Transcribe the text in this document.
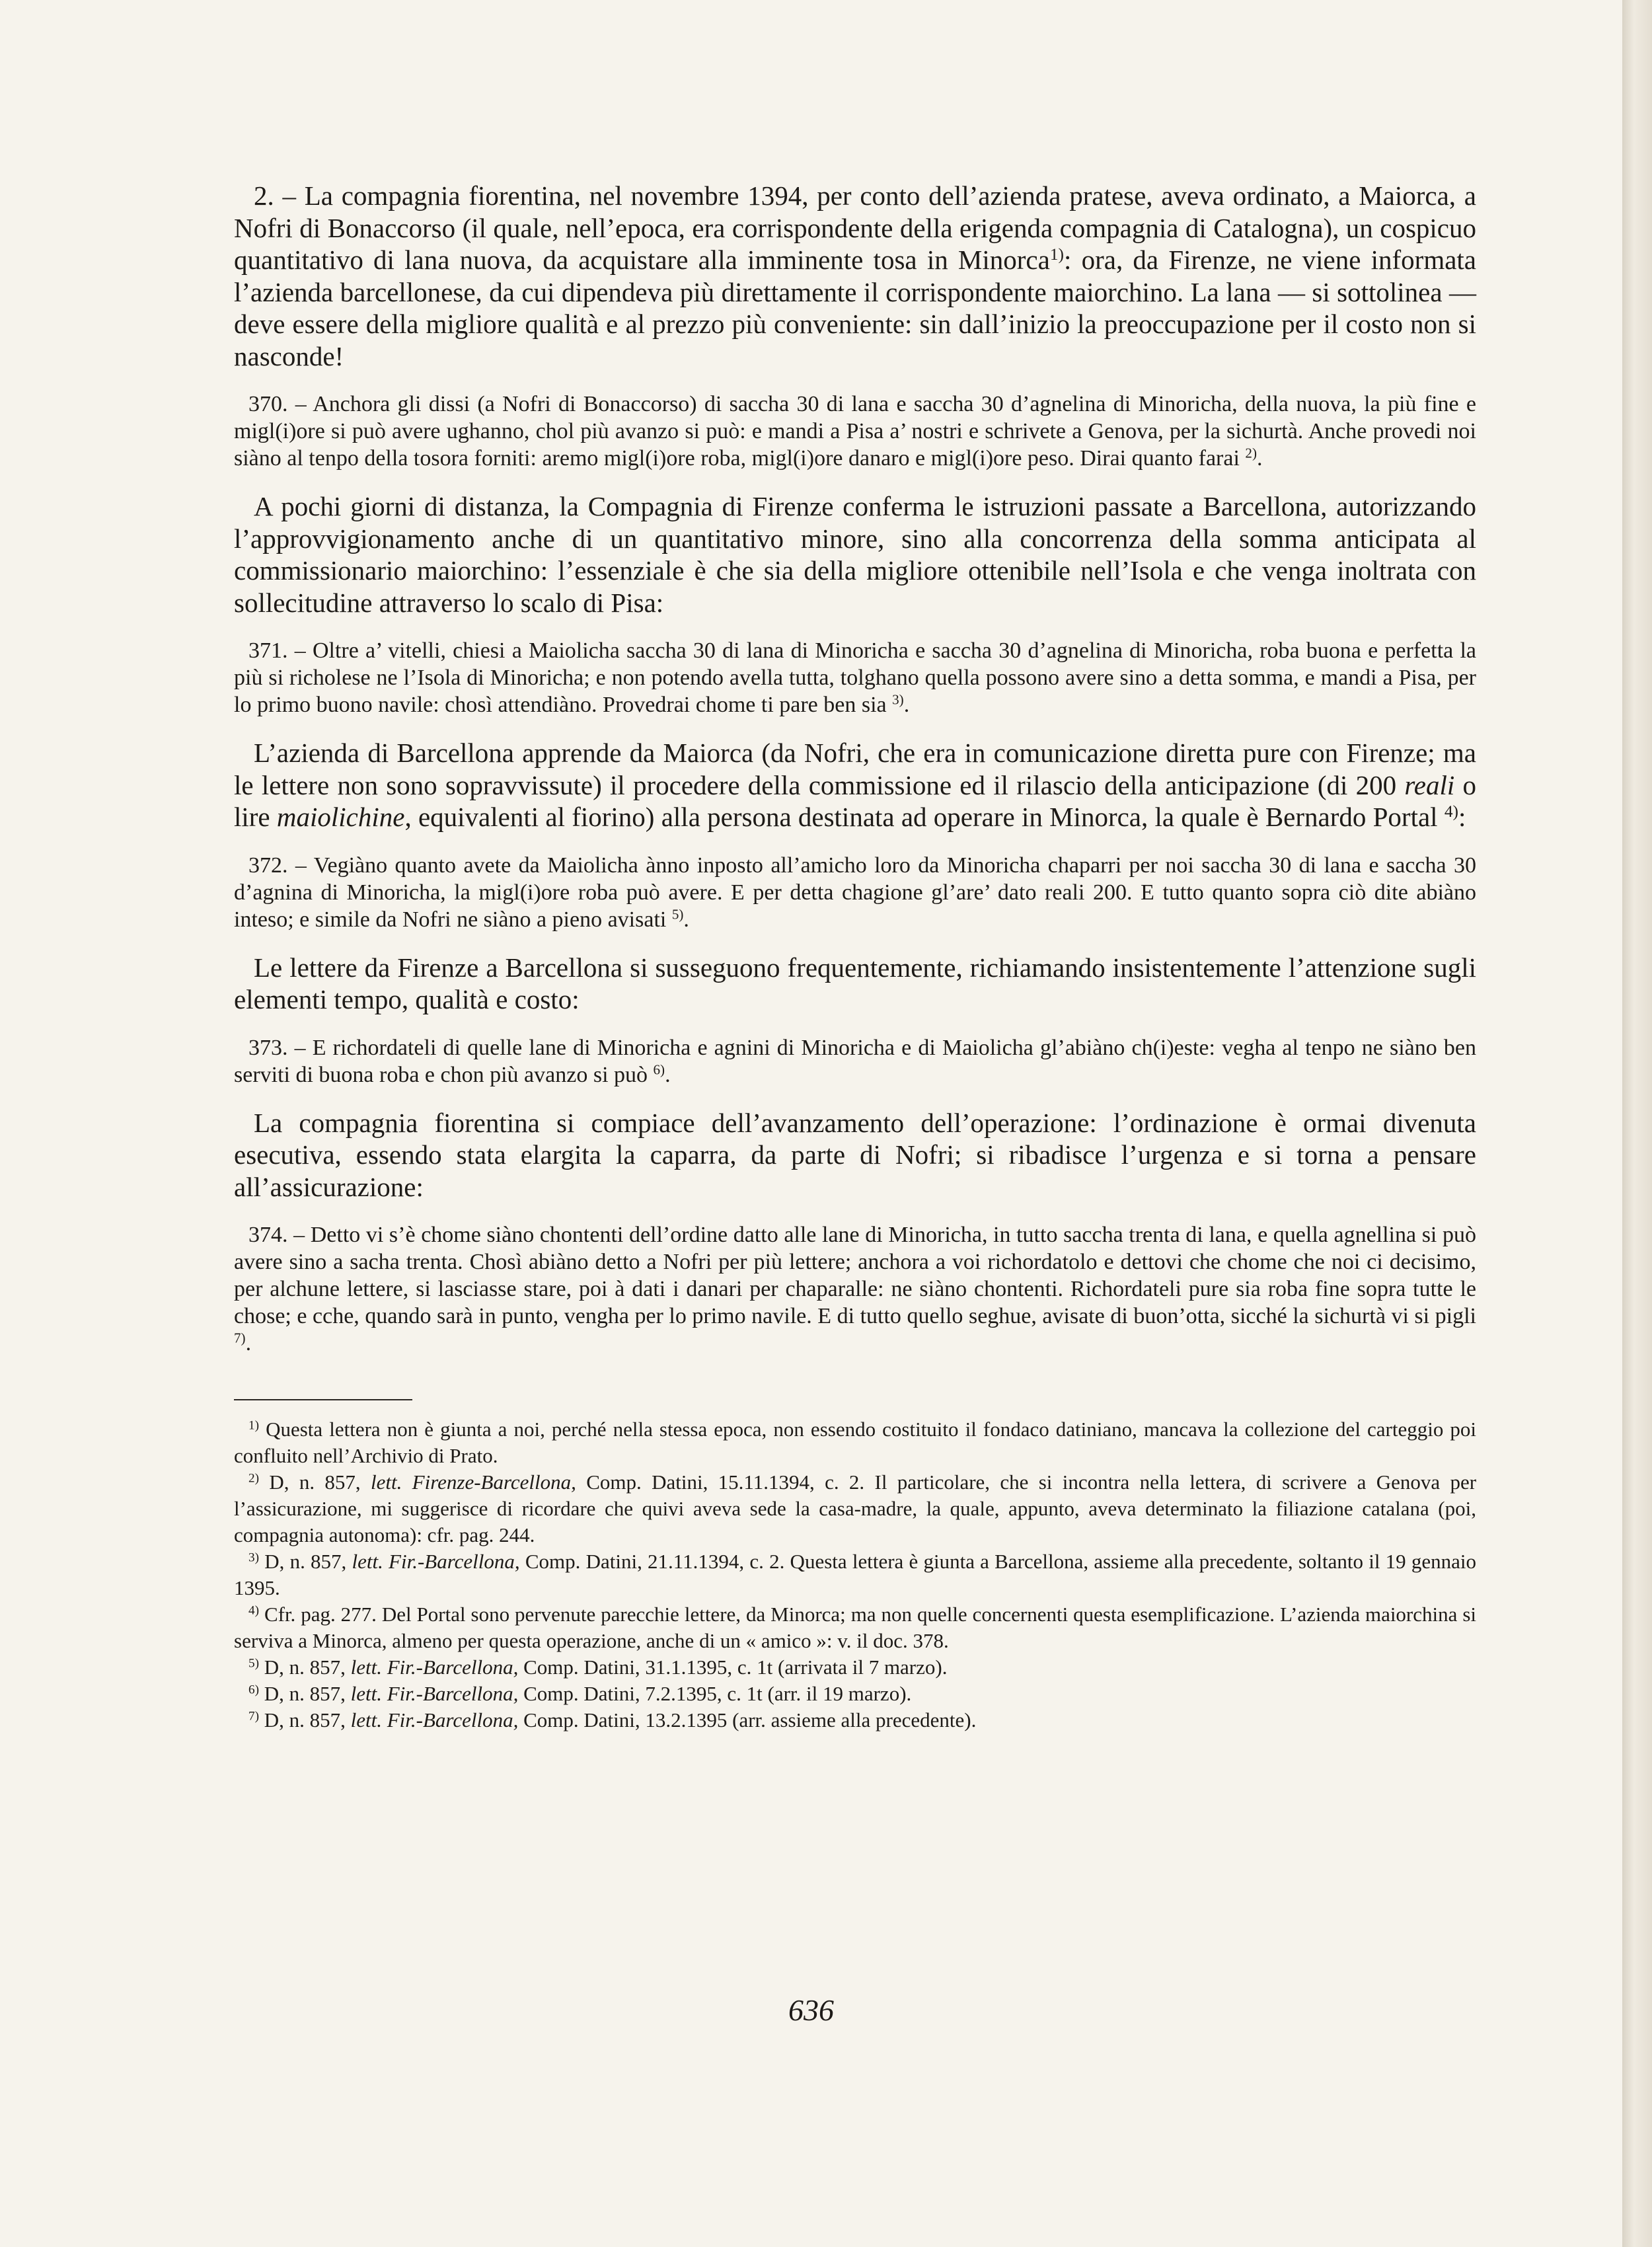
2. – La compagnia fiorentina, nel novembre 1394, per conto dell’azienda pratese, aveva ordinato, a Maiorca, a Nofri di Bonaccorso (il quale, nell’epoca, era corrispondente della erigenda compagnia di Catalogna), un cospicuo quantitativo di lana nuova, da acquistare alla imminente tosa in Minorca$^{1)}$: ora, da Firenze, ne viene informata l’azienda barcellonese, da cui dipendeva più direttamente il corrispondente maiorchino. La lana — si sottolinea — deve essere della migliore qualità e al prezzo più conveniente: sin dall’inizio la preoccupazione per il costo non si nasconde!

370. – Anchora gli dissi (a Nofri di Bonaccorso) di saccha 30 di lana e saccha 30 d’agnelina di Minoricha, della nuova, la più fine e migl(i)ore si può avere ughanno, chol più avanzo si può: e mandi a Pisa a’ nostri e schrivete a Genova, per la sichurtà. Anche provedi noi siàno al tenpo della tosora forniti: aremo migl(i)ore roba, migl(i)ore danaro e migl(i)ore peso. Dirai quanto farai $^{2)}$.

A pochi giorni di distanza, la Compagnia di Firenze conferma le istruzioni passate a Barcellona, autorizzando l’approvvigionamento anche di un quantitativo minore, sino alla concorrenza della somma anticipata al commissionario maiorchino: l’essenziale è che sia della migliore ottenibile nell’Isola e che venga inoltrata con sollecitudine attraverso lo scalo di Pisa:

371. – Oltre a’ vitelli, chiesi a Maiolicha saccha 30 di lana di Minoricha e saccha 30 d’agnelina di Minoricha, roba buona e perfetta la più si richolese ne l’Isola di Minoricha; e non potendo avella tutta, tolghano quella possono avere sino a detta somma, e mandi a Pisa, per lo primo buono navile: chosì attendiàno. Provedrai chome ti pare ben sia $^{3)}$.

L’azienda di Barcellona apprende da Maiorca (da Nofri, che era in comunicazione diretta pure con Firenze; ma le lettere non sono sopravvissute) il procedere della commissione ed il rilascio della anticipazione (di 200 reali o lire maiolichine, equivalenti al fiorino) alla persona destinata ad operare in Minorca, la quale è Bernardo Portal $^{4)}$:

372. – Vegiàno quanto avete da Maiolicha ànno inposto all’amicho loro da Minoricha chaparri per noi saccha 30 di lana e saccha 30 d’agnina di Minoricha, la migl(i)ore roba può avere. E per detta chagione gl’are’ dato reali 200. E tutto quanto sopra ciò dite abiàno inteso; e simile da Nofri ne siàno a pieno avisati $^{5)}$.

Le lettere da Firenze a Barcellona si susseguono frequentemente, richiamando insistentemente l’attenzione sugli elementi tempo, qualità e costo:

373. – E richordateli di quelle lane di Minoricha e agnini di Minoricha e di Maiolicha gl’abiàno ch(i)este: vegha al tenpo ne siàno ben serviti di buona roba e chon più avanzo si può $^{6)}$.

La compagnia fiorentina si compiace dell’avanzamento dell’operazione: l’ordinazione è ormai divenuta esecutiva, essendo stata elargita la caparra, da parte di Nofri; si ribadisce l’urgenza e si torna a pensare all’assicurazione:

374. – Detto vi s’è chome siàno chontenti dell’ordine datto alle lane di Minoricha, in tutto saccha trenta di lana, e quella agnellina si può avere sino a sacha trenta. Chosì abiàno detto a Nofri per più lettere; anchora a voi richordatolo e dettovi che chome che noi ci decisimo, per alchune lettere, si lasciasse stare, poi à dati i danari per chaparalle: ne siàno chontenti. Richordateli pure sia roba fine sopra tutte le chose; e cche, quando sarà in punto, vengha per lo primo navile. E di tutto quello seghue, avisate di buon’otta, sicché la sichurtà vi si pigli $^{7)}$.

$^{1)}$ Questa lettera non è giunta a noi, perché nella stessa epoca, non essendo costituito il fondaco datiniano, mancava la collezione del carteggio poi confluito nell’Archivio di Prato.

$^{2)}$ D, n. 857, lett. Firenze-Barcellona, Comp. Datini, 15.11.1394, c. 2. Il particolare, che si incontra nella lettera, di scrivere a Genova per l’assicurazione, mi suggerisce di ricordare che quivi aveva sede la casa-madre, la quale, appunto, aveva determinato la filiazione catalana (poi, compagnia autonoma): cfr. pag. 244.

$^{3)}$ D, n. 857, lett. Fir.-Barcellona, Comp. Datini, 21.11.1394, c. 2. Questa lettera è giunta a Barcellona, assieme alla precedente, soltanto il 19 gennaio 1395.

$^{4)}$ Cfr. pag. 277. Del Portal sono pervenute parecchie lettere, da Minorca; ma non quelle concernenti questa esemplificazione. L’azienda maiorchina si serviva a Minorca, almeno per questa operazione, anche di un « amico »: v. il doc. 378.

$^{5)}$ D, n. 857, lett. Fir.-Barcellona, Comp. Datini, 31.1.1395, c. 1t (arrivata il 7 marzo).

$^{6)}$ D, n. 857, lett. Fir.-Barcellona, Comp. Datini, 7.2.1395, c. 1t (arr. il 19 marzo).

$^{7)}$ D, n. 857, lett. Fir.-Barcellona, Comp. Datini, 13.2.1395 (arr. assieme alla precedente).

636
